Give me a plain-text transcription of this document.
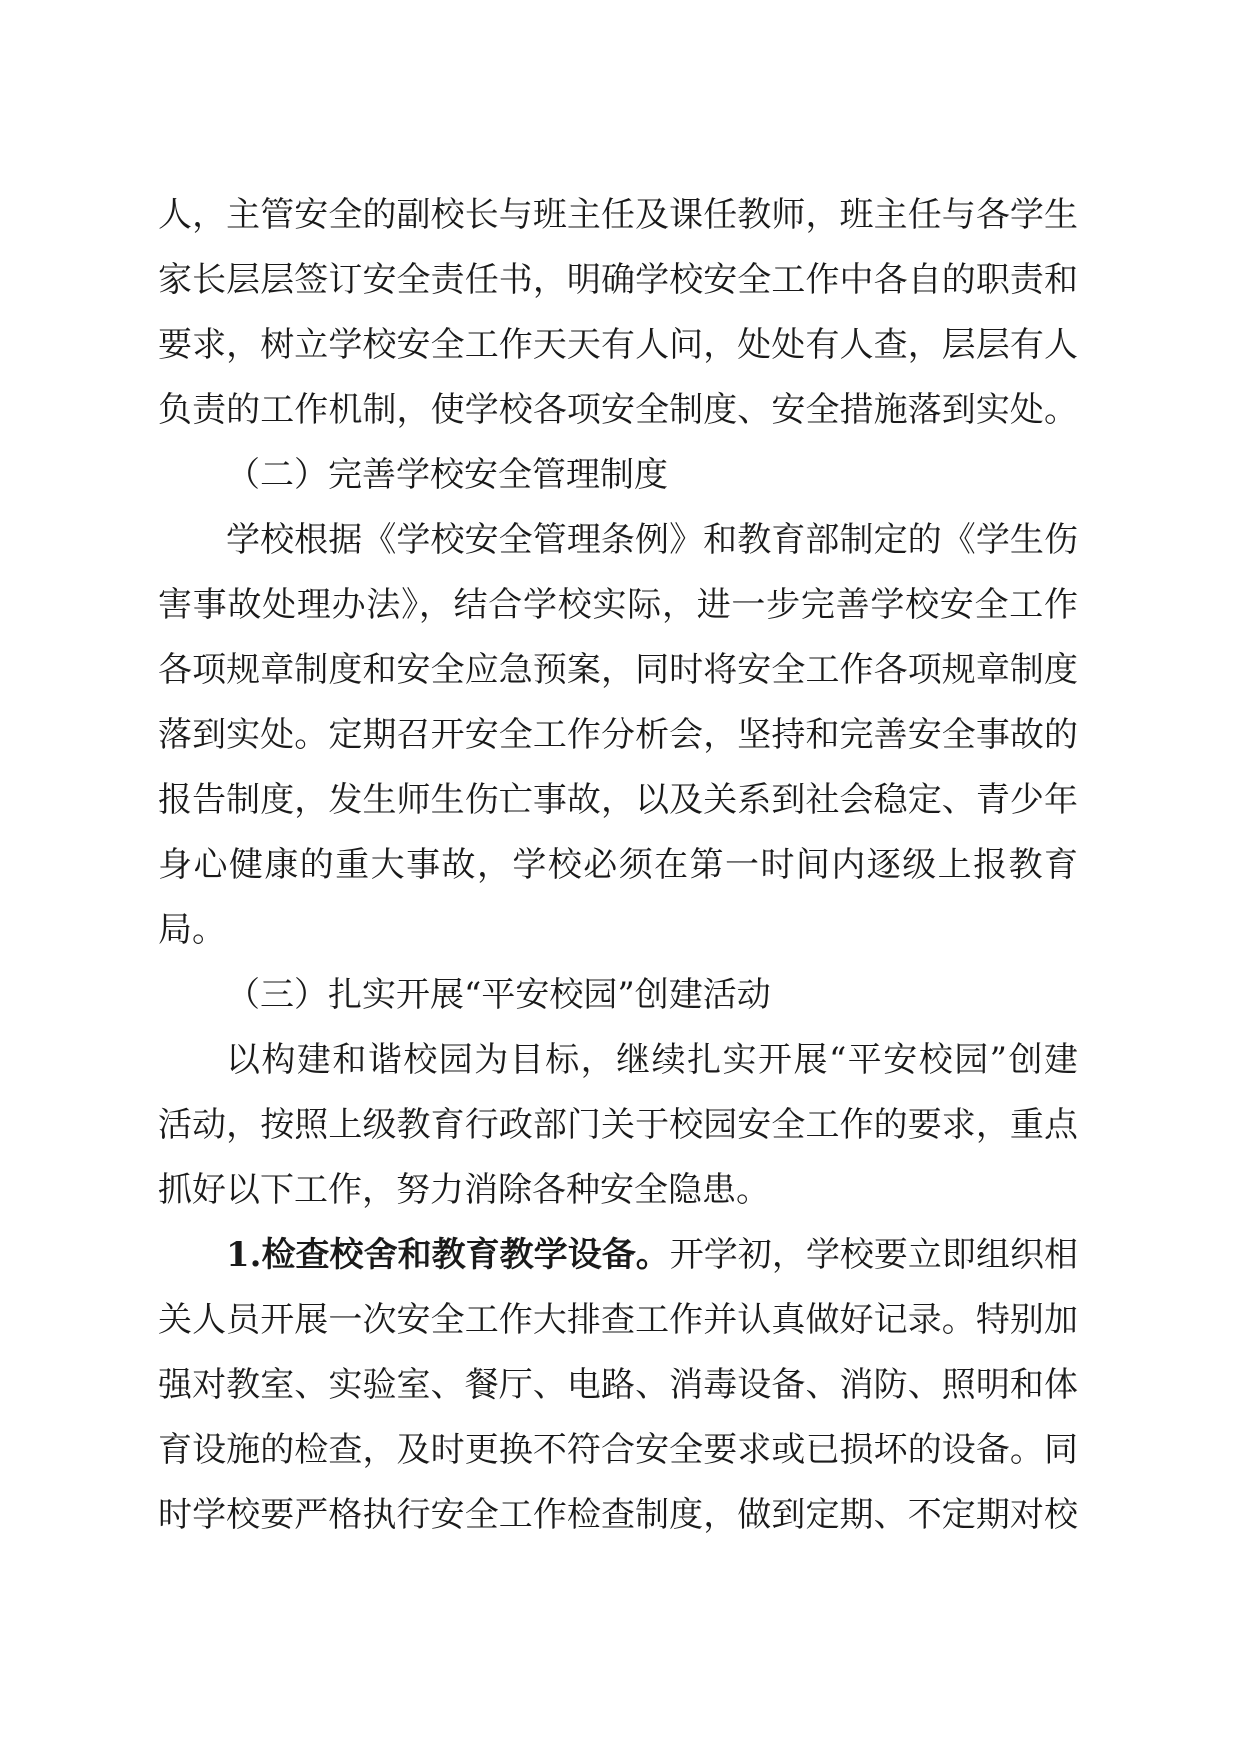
人，主管安全的副校长与班主任及课任教师，班主任与各学生
家长层层签订安全责任书，明确学校安全工作中各自的职责和
要求，树立学校安全工作天天有人问，处处有人查，层层有人
负责的工作机制，使学校各项安全制度、安全措施落到实处。
（二）完善学校安全管理制度
学校根据《学校安全管理条例》和教育部制定的《学生伤
害事故处理办法》，结合学校实际，进一步完善学校安全工作
各项规章制度和安全应急预案，同时将安全工作各项规章制度
落到实处。定期召开安全工作分析会，坚持和完善安全事故的
报告制度，发生师生伤亡事故，以及关系到社会稳定、青少年
身心健康的重大事故，学校必须在第一时间内逐级上报教育
局。
（三）扎实开展“平安校园”创建活动
以构建和谐校园为目标，继续扎实开展“平安校园”创建
活动，按照上级教育行政部门关于校园安全工作的要求，重点
抓好以下工作，努力消除各种安全隐患。
1.检查校舍和教育教学设备。开学初，学校要立即组织相
关人员开展一次安全工作大排查工作并认真做好记录。特别加
强对教室、实验室、餐厅、电路、消毒设备、消防、照明和体
育设施的检查，及时更换不符合安全要求或已损坏的设备。同
时学校要严格执行安全工作检查制度，做到定期、不定期对校
